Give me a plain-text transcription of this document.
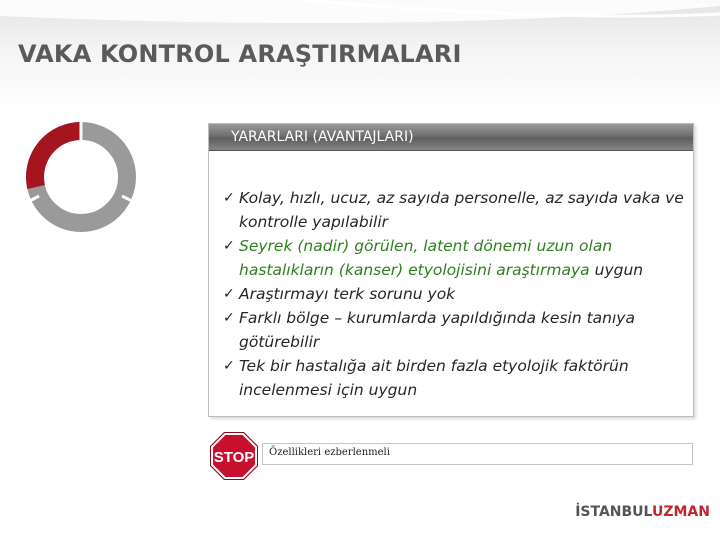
VAKA KONTROL ARAŞTIRMALARI
YARARLARI (AVANTAJLARI)
✓ Kolay, hızlı, ucuz, az sayıda personelle, az sayıda vaka ve kontrolle yapılabilir
✓ Seyrek (nadir) görülen, latent dönemi uzun olan hastalıkların (kanser) etyolojisini araştırmaya uygun
✓ Araştırmayı terk sorunu yok
✓ Farklı bölge – kurumlarda yapıldığında kesin tanıya götürebilir
✓ Tek bir hastalığa ait birden fazla etyolojik faktörün incelenmesi için uygun
STOP Özellikleri ezberlenmeli
İSTANBULUZMAN
